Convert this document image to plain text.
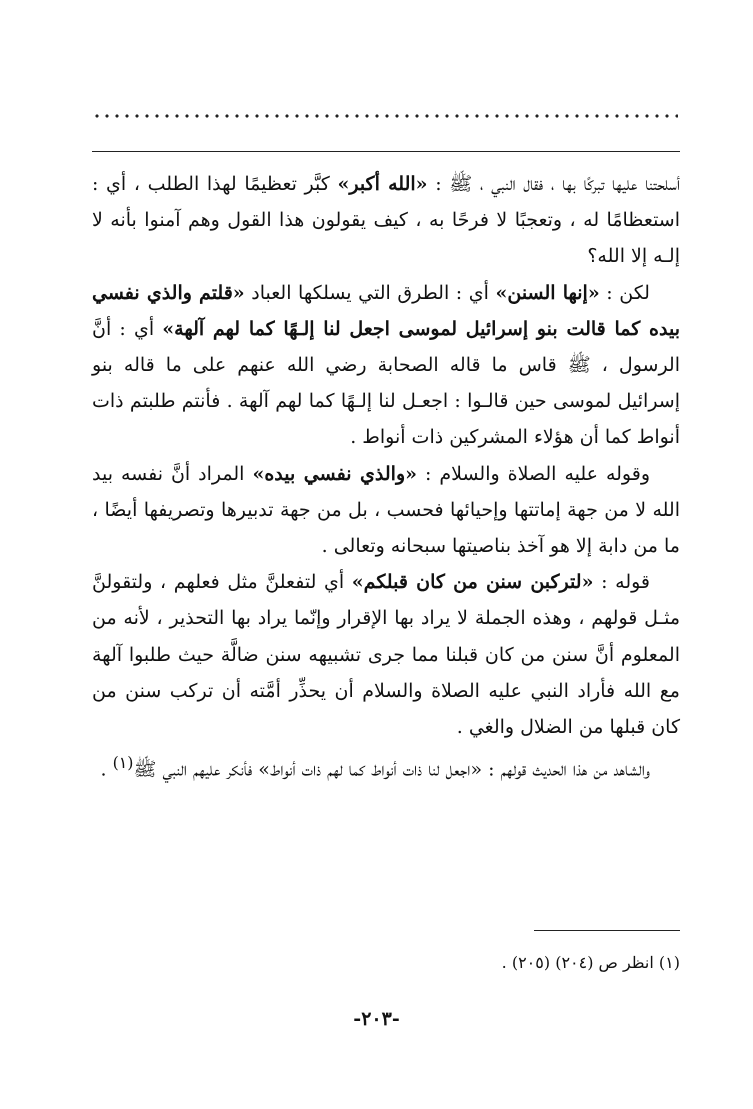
أسلحتنا عليها تبركًا بها ، فقال النبي ، ﷺ : «الله أكبر» كبَّر تعظيمًا لهذا الطلب ، أي : استعظامًا له ، وتعجبًا لا فرحًا به ، كيف يقولون هذا القول وهم آمنوا بأنه لا إلـه إلا الله؟

لكن : «إنها السنن» أي : الطرق التي يسلكها العباد «قلتم والذي نفسي بيده كما قالت بنو إسرائيل لموسى اجعل لنا إلـهًا كما لهم آلهة» أي : أنَّ الرسول ، ﷺ قاس ما قاله الصحابة رضي الله عنهم على ما قاله بنو إسرائيل لموسى حين قالـوا : اجعـل لنا إلـهًا كما لهم آلهة . فأنتم طلبتم ذات أنواط كما أن هؤلاء المشركين ذات أنواط .

وقوله عليه الصلاة والسلام : «والذي نفسي بيده» المراد أنَّ نفسه بيد الله لا من جهة إماتتها وإحيائها فحسب ، بل من جهة تدبيرها وتصريفها أيضًا ، ما من دابة إلا هو آخذ بناصيتها سبحانه وتعالى .

قوله : «لتركبن سنن من كان قبلكم» أي لتفعلنَّ مثل فعلهم ، ولتقولنَّ مثـل قولهم ، وهذه الجملة لا يراد بها الإقرار وإنّما يراد بها التحذير ، لأنه من المعلوم أنَّ سنن من كان قبلنا مما جرى تشبيهه سنن ضالَّة حيث طلبوا آلهة مع الله فأراد النبي عليه الصلاة والسلام أن يحذِّر أمَّته أن تركب سنن من كان قبلها من الضلال والغي .

والشاهد من هذا الحديث قولهم : «اجعل لنا ذات أنواط كما لهم ذات أنواط» فأنكر عليهم النبي ﷺ$^{(١)}$ .

(١) انظر ص (٢٠٤) (٢٠٥) .
-٢٠٣-
